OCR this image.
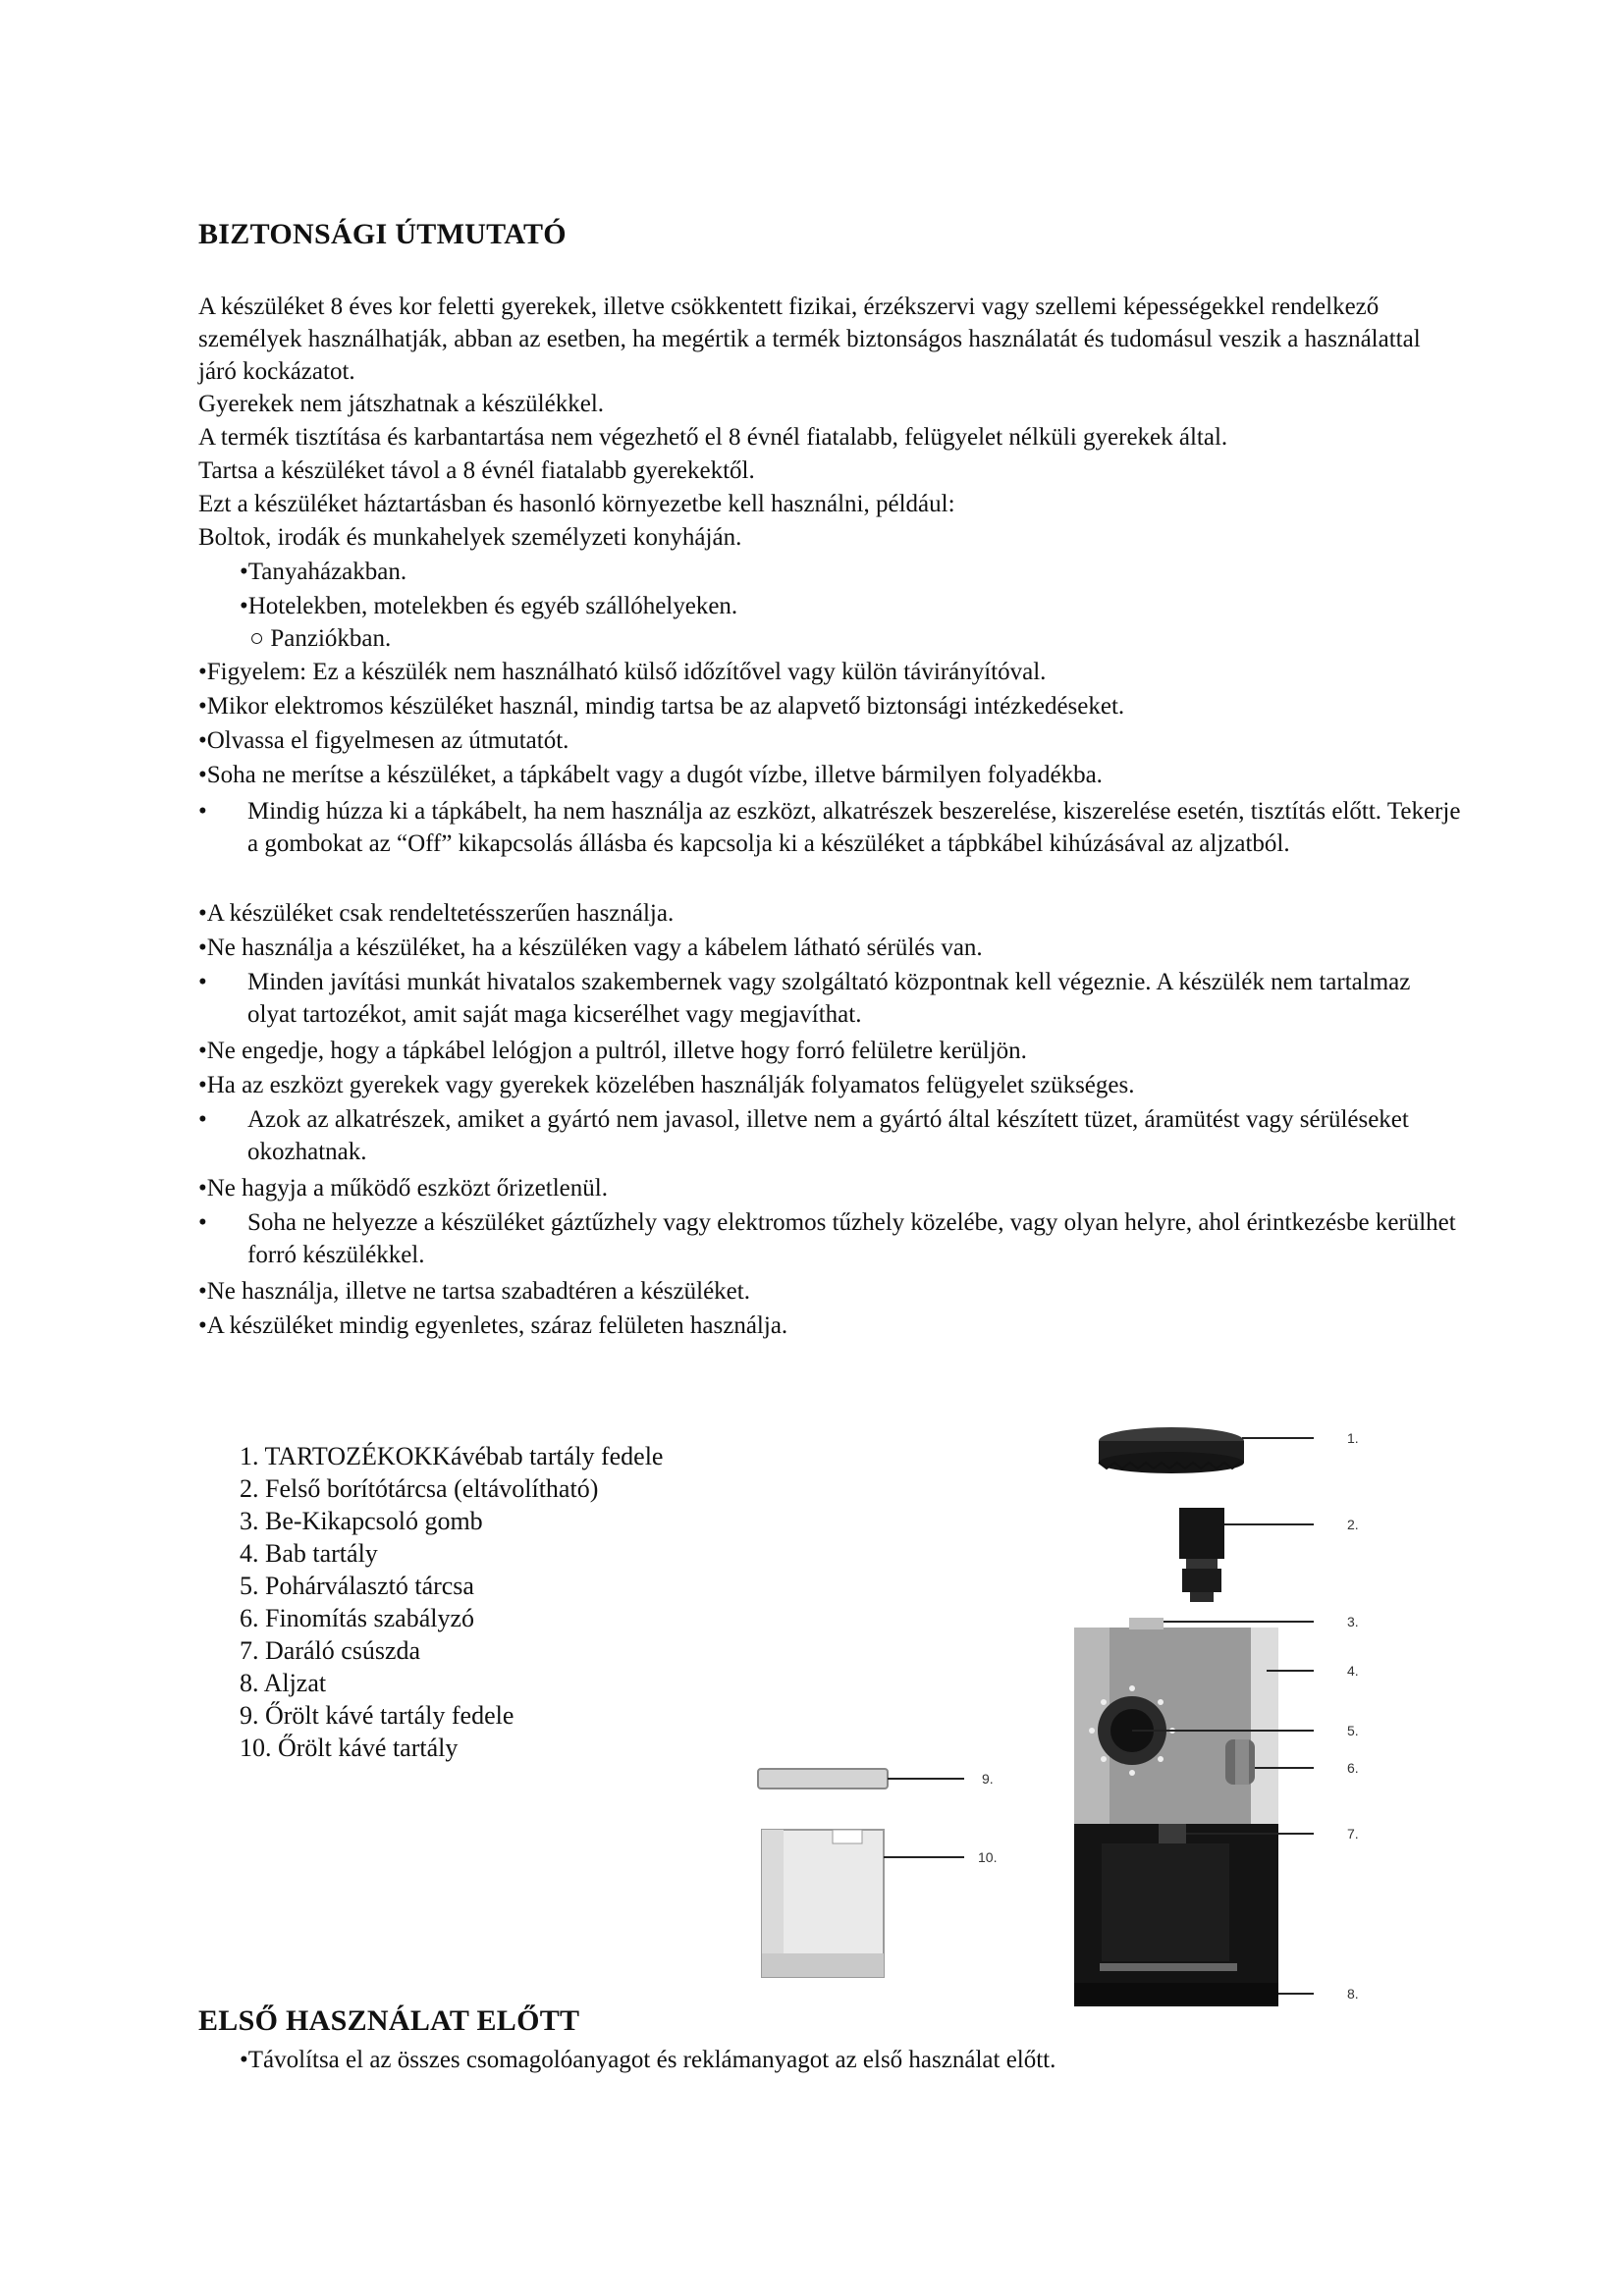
BIZTONSÁGI ÚTMUTATÓ

A készüléket 8 éves kor feletti gyerekek, illetve csökkentett fizikai, érzékszervi vagy szellemi képességekkel rendelkező személyek használhatják, abban az esetben, ha megértik a termék biztonságos használatát és tudomásul veszik a használattal járó kockázatot.

Gyerekek nem játszhatnak a készülékkel.
A termék tisztítása és karbantartása nem végezhető el 8 évnél fiatalabb, felügyelet nélküli gyerekek által.
Tartsa a készüléket távol a 8 évnél fiatalabb gyerekektől.
Ezt a készüléket háztartásban és hasonló környezetbe kell használni, például:
Boltok, irodák és munkahelyek személyzeti konyháján.
•Tanyaházakban.
•Hotelekben, motelekben és egyéb szállóhelyeken.
○ Panziókban.
•Figyelem: Ez a készülék nem használható külső időzítővel vagy külön távirányítóval.
•Mikor elektromos készüléket használ, mindig tartsa be az alapvető biztonsági intézkedéseket.
•Olvassa el figyelmesen az útmutatót.
•Soha ne merítse a készüléket, a tápkábelt vagy a dugót vízbe, illetve bármilyen folyadékba.
• Mindig húzza ki a tápkábelt, ha nem használja az eszközt, alkatrészek beszerelése, kiszerelése esetén, tisztítás előtt. Tekerje a gombokat az “Off” kikapcsolás állásba és kapcsolja ki a készüléket a tápbkábel kihúzásával az aljzatból.
•A készüléket csak rendeltetésszerűen használja.
•Ne használja a készüléket, ha a készüléken vagy a kábelem látható sérülés van.
• Minden javítási munkát hivatalos szakembernek vagy szolgáltató központnak kell végeznie. A készülék nem tartalmaz olyat tartozékot, amit saját maga kicserélhet vagy megjavíthat.
•Ne engedje, hogy a tápkábel lelógjon a pultról, illetve hogy forró felületre kerüljön.
•Ha az eszközt gyerekek vagy gyerekek közelében használják folyamatos felügyelet szükséges.
• Azok az alkatrészek, amiket a gyártó nem javasol, illetve nem a gyártó által készített tüzet, áramütést vagy sérüléseket okozhatnak.
•Ne hagyja a működő eszközt őrizetlenül.
• Soha ne helyezze a készüléket gáztűzhely vagy elektromos tűzhely közelébe, vagy olyan helyre, ahol érintkezésbe kerülhet forró készülékkel.
•Ne használja, illetve ne tartsa szabadtéren a készüléket.
•A készüléket mindig egyenletes, száraz felületen használja.
1. TARTOZÉKOKKávébab tartály fedele
2. Felső borítótárcsa (eltávolítható)
3. Be-Kikapcsoló gomb
4. Bab tartály
5. Pohárválasztó tárcsa
6. Finomítás szabályzó
7. Daráló csúszda
8. Aljzat
9. Őrölt kávé tartály fedele
10. Őrölt kávé tartály
1.
2.
3.
4.
5.
6.
7.
8.
9.
10.
ELSŐ HASZNÁLAT ELŐTT
•Távolítsa el az összes csomagolóanyagot és reklámanyagot az első használat előtt.
